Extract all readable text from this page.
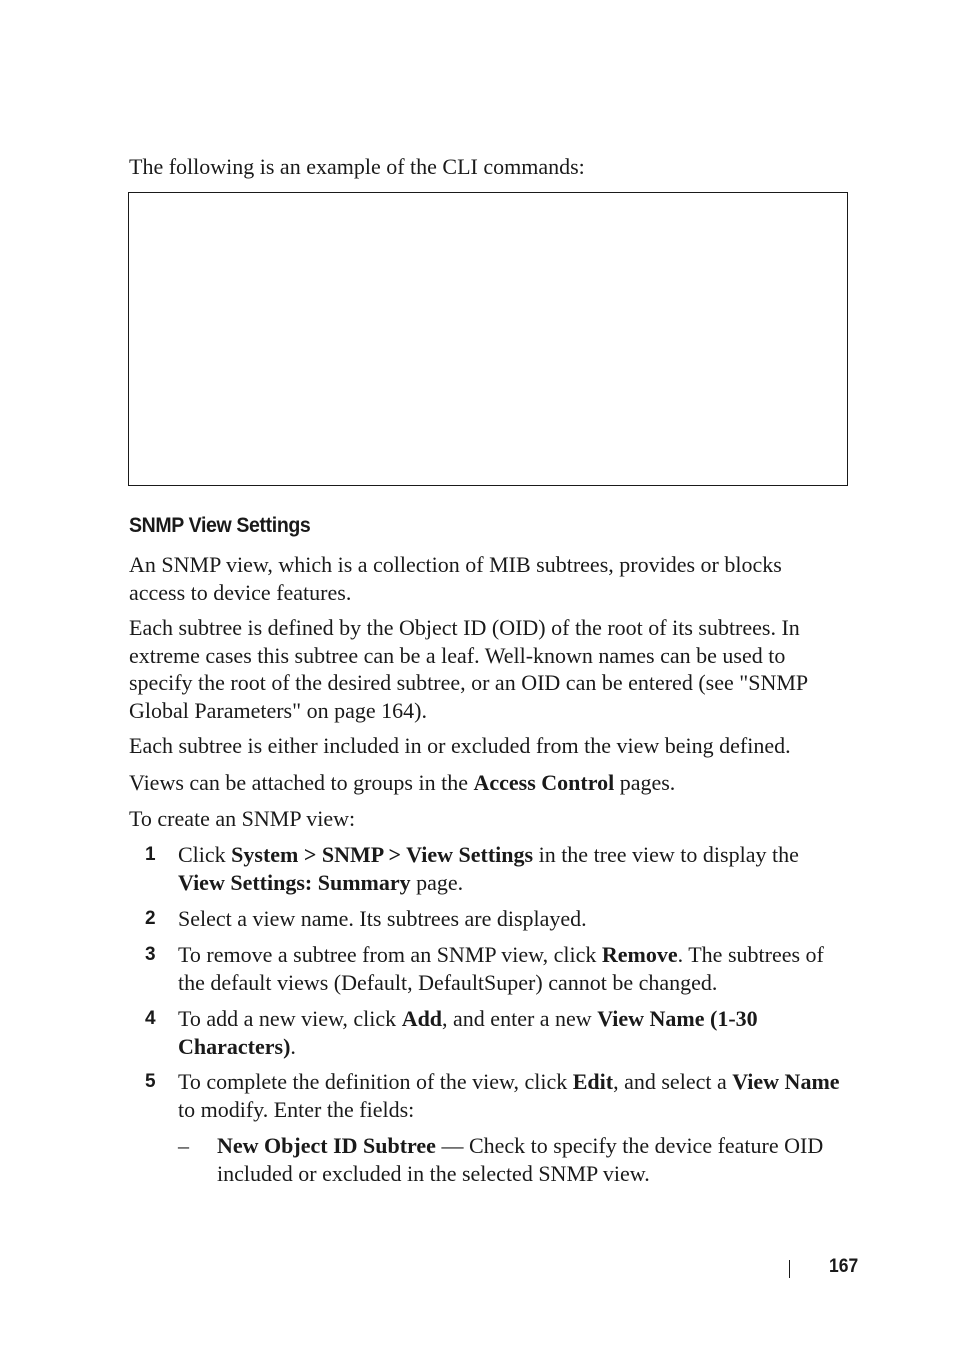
The following is an example of the CLI commands:
SNMP View Settings
An SNMP view, which is a collection of MIB subtrees, provides or blocks
access to device features.
Each subtree is defined by the Object ID (OID) of the root of its subtrees. In
extreme cases this subtree can be a leaf. Well-known names can be used to
specify the root of the desired subtree, or an OID can be entered (see "SNMP
Global Parameters" on page 164).
Each subtree is either included in or excluded from the view being defined.
Views can be attached to groups in the Access Control pages.
To create an SNMP view:
1 Click System > SNMP > View Settings in the tree view to display the
View Settings: Summary page.
2 Select a view name. Its subtrees are displayed.
3 To remove a subtree from an SNMP view, click Remove. The subtrees of
the default views (Default, DefaultSuper) cannot be changed.
4 To add a new view, click Add, and enter a new View Name (1-30
Characters).
5 To complete the definition of the view, click Edit, and select a View Name
to modify. Enter the fields:
– New Object ID Subtree — Check to specify the device feature OID
included or excluded in the selected SNMP view.
167
